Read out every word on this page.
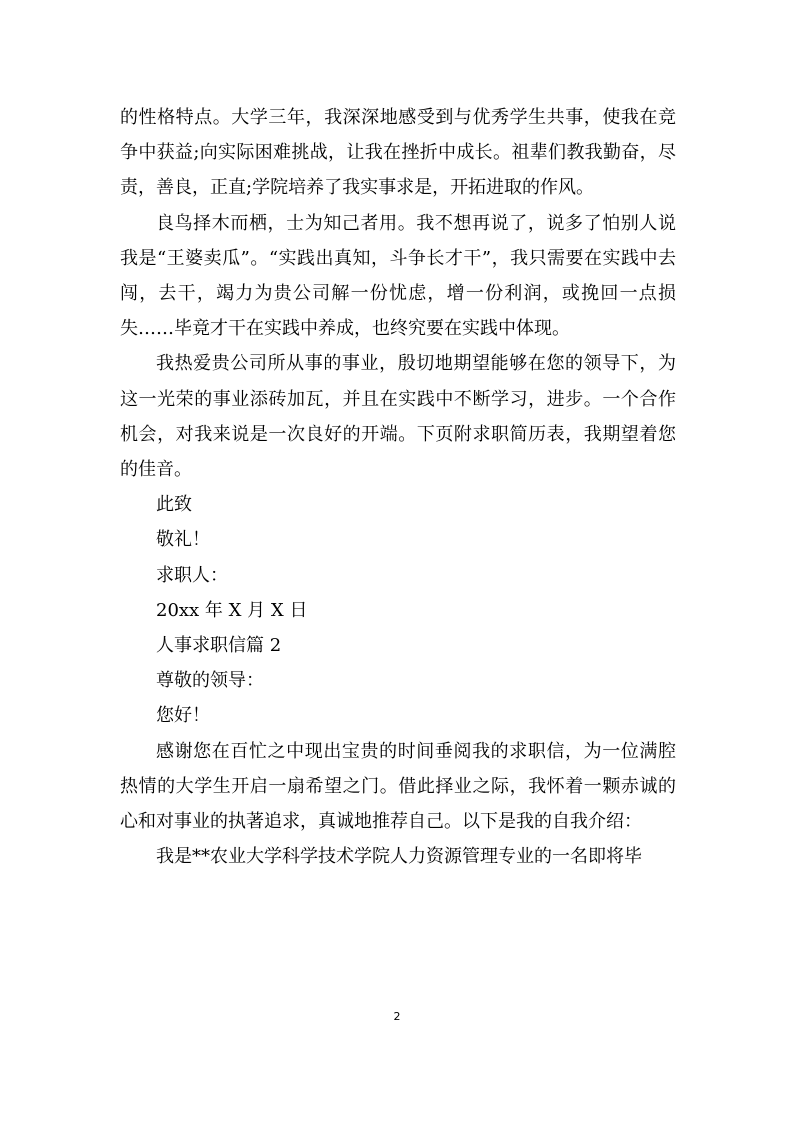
的性格特点。大学三年，我深深地感受到与优秀学生共事，使我在竞争中获益;向实际困难挑战，让我在挫折中成长。祖辈们教我勤奋，尽责，善良，正直;学院培养了我实事求是，开拓进取的作风。

良鸟择木而栖，士为知己者用。我不想再说了，说多了怕别人说我是“王婆卖瓜”。“实践出真知，斗争长才干”，我只需要在实践中去闯，去干，竭力为贵公司解一份忧虑，增一份利润，或挽回一点损失……毕竟才干在实践中养成，也终究要在实践中体现。

我热爱贵公司所从事的事业，殷切地期望能够在您的领导下，为这一光荣的事业添砖加瓦，并且在实践中不断学习，进步。一个合作机会，对我来说是一次良好的开端。下页附求职简历表，我期望着您的佳音。

此致

敬礼！

求职人：

20xx 年 X 月 X 日

人事求职信篇 2

尊敬的领导：

您好！

感谢您在百忙之中现出宝贵的时间垂阅我的求职信，为一位满腔热情的大学生开启一扇希望之门。借此择业之际，我怀着一颗赤诚的心和对事业的执著追求，真诚地推荐自己。以下是我的自我介绍：

我是**农业大学科学技术学院人力资源管理专业的一名即将毕

2
